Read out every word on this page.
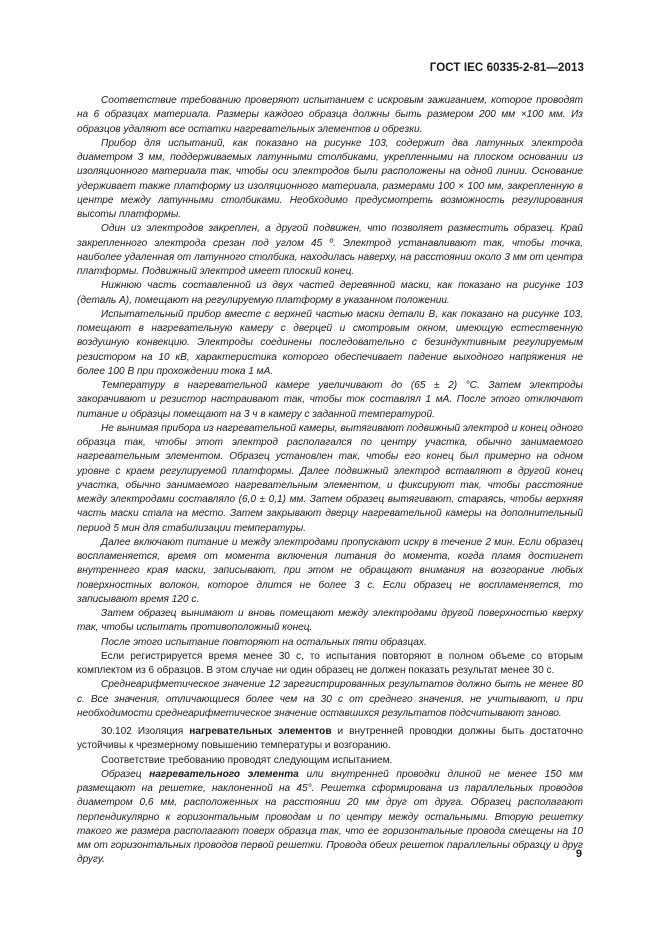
ГОСТ IEC 60335-2-81—2013

Соответствие требованию проверяют испытанием с искровым зажиганием, которое проводят на 6 образцах материала. Размеры каждого образца должны быть размером 200 мм ×100 мм. Из образцов удаляют все остатки нагревательных элементов и обрезки.

Прибор для испытаний, как показано на рисунке 103, содержит два латунных электрода диаметром 3 мм, поддерживаемых латунными столбиками, укрепленными на плоском основании из изоляционного материала так, чтобы оси электродов были расположены на одной линии. Основание удерживает также платформу из изоляционного материала, размерами 100 × 100 мм, закрепленную в центре между латунными столбиками. Необходимо предусмотреть возможность регулирования высоты платформы.

Один из электродов закреплен, а другой подвижен, что позволяет разместить образец. Край закрепленного электрода срезан под углом 45 º. Электрод устанавливают так, чтобы точка, наиболее удаленная от латунного столбика, находилась наверху, на расстоянии около 3 мм от центра платформы. Подвижный электрод имеет плоский конец.

Нижнюю часть составленной из двух частей деревянной маски, как показано на рисунке 103 (деталь А), помещают на регулируемую платформу в указанном положении.

Испытательный прибор вместе с верхней частью маски детали В, как показано на рисунке 103, помещают в нагревательную камеру с дверцей и смотровым окном, имеющую естественную воздушную конвекцию. Электроды соединены последовательно с безиндуктивным регулируемым резистором на 10 кВ, характеристика которого обеспечивает падение выходного напряжения не более 100 В при прохождении тока 1 мА.

Температуру в нагревательной камере увеличивают до (65 ± 2) °С. Затем электроды закорачивают и резистор настраивают так, чтобы ток составлял 1 мА. После этого отключают питание и образцы помещают на 3 ч в камеру с заданной температурой.

Не вынимая прибора из нагревательной камеры, вытягивают подвижный электрод и конец одного образца так, чтобы этот электрод располагался по центру участка, обычно занимаемого нагревательным элементом. Образец установлен так, чтобы его конец был примерно на одном уровне с краем регулируемой платформы. Далее подвижный электрод вставляют в другой конец участка, обычно занимаемого нагревательным элементом, и фиксируют так, чтобы расстояние между электродами составляло (6,0 ± 0,1) мм. Затем образец вытягивают, стараясь, чтобы верхняя часть маски стала на место. Затем закрывают дверцу нагревательной камеры на дополнительный период 5 мин для стабилизации температуры.

Далее включают питание и между электродами пропускают искру в течение 2 мин. Если образец воспламеняется, время от момента включения питания до момента, когда пламя достигнет внутреннего края маски, записывают, при этом не обращают внимания на возгорание любых поверхностных волокон, которое длится не более 3 с. Если образец не воспламеняется, то записывают время 120 с.

Затем образец вынимают и вновь помещают между электродами другой поверхностью кверху так, чтобы испытать противоположный конец.

После этого испытание повторяют на остальных пяти образцах.

Если регистрируется время менее 30 с, то испытания повторяют в полном объеме со вторым комплектом из 6 образцов. В этом случае ни один образец не должен показать результат менее 30 с.

Среднеарифметическое значение 12 зарегистрированных результатов должно быть не менее 80 с. Все значения, отличающиеся более чем на 30 с от среднего значения, не учитывают, и при необходимости среднеарифметическое значение оставшихся результатов подсчитывают заново.

30.102 Изоляция нагревательных элементов и внутренней проводки должны быть достаточно устойчивы к чрезмерному повышению температуры и возгоранию.

Соответствие требованию проводят следующим испытанием.

Образец нагревательного элемента или внутренней проводки длиной не менее 150 мм размещают на решетке, наклоненной на 45°. Решетка сформирована из параллельных проводов диаметром 0,6 мм, расположенных на расстоянии 20 мм друг от друга. Образец располагают перпендикулярно к горизонтальным проводам и по центру между остальными. Вторую решетку такого же размера располагают поверх образца так, что ее горизонтальные провода смещены на 10 мм от горизонтальных проводов первой решетки. Провода обеих решеток параллельны образцу и друг другу.	9
